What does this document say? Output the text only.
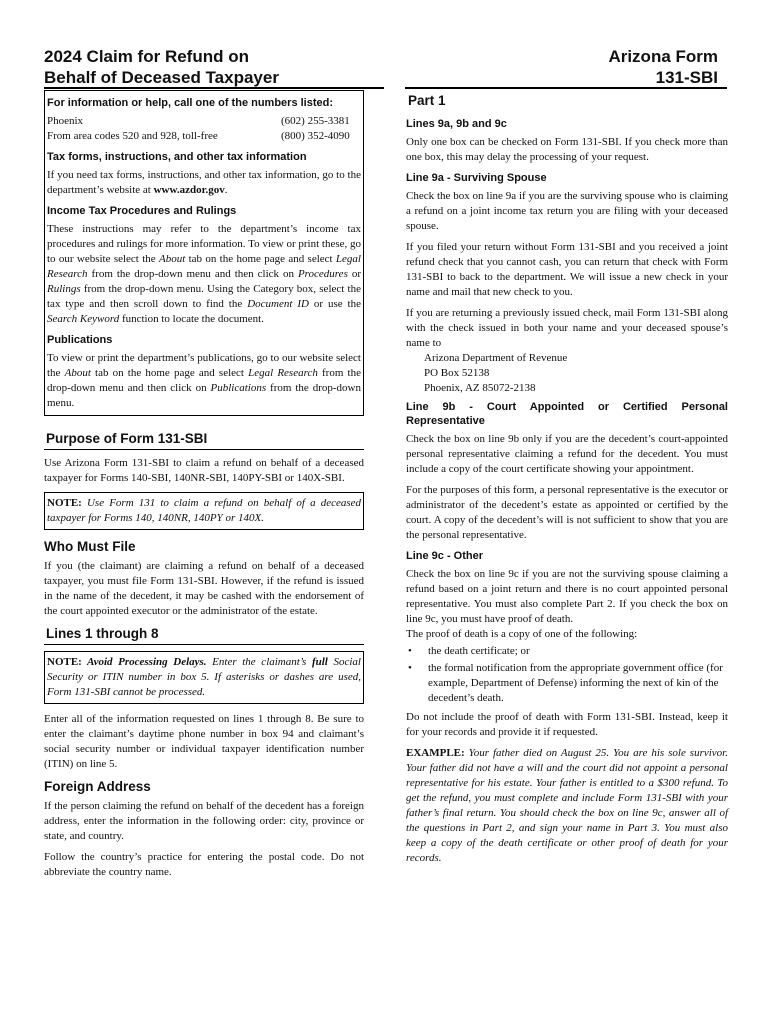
2024 Claim for Refund on
Behalf of Deceased Taxpayer
Arizona Form
131-SBI
For information or help, call one of the numbers listed:
Phoenix	(602) 255-3381
From area codes 520 and 928, toll-free	(800) 352-4090
Tax forms, instructions, and other tax information
If you need tax forms, instructions, and other tax information, go to the department’s website at www.azdor.gov.
Income Tax Procedures and Rulings
These instructions may refer to the department’s income tax procedures and rulings for more information. To view or print these, go to our website select the About tab on the home page and select Legal Research from the drop-down menu and then click on Procedures or Rulings from the drop-down menu. Using the Category box, select the tax type and then scroll down to find the Document ID or use the Search Keyword function to locate the document.
Publications
To view or print the department’s publications, go to our website select the About tab on the home page and select Legal Research from the drop-down menu and then click on Publications from the drop-down menu.
Purpose of Form 131-SBI
Use Arizona Form 131-SBI to claim a refund on behalf of a deceased taxpayer for Forms 140-SBI, 140NR-SBI, 140PY-SBI or 140X-SBI.
NOTE: Use Form 131 to claim a refund on behalf of a deceased taxpayer for Forms 140, 140NR, 140PY or 140X.
Who Must File
If you (the claimant) are claiming a refund on behalf of a deceased taxpayer, you must file Form 131-SBI. However, if the refund is issued in the name of the decedent, it may be cashed with the endorsement of the court appointed executor or the administrator of the estate.
Lines 1 through 8
NOTE: Avoid Processing Delays. Enter the claimant’s full Social Security or ITIN number in box 5. If asterisks or dashes are used, Form 131-SBI cannot be processed.
Enter all of the information requested on lines 1 through 8. Be sure to enter the claimant’s daytime phone number in box 94 and claimant’s social security number or individual taxpayer identification number (ITIN) on line 5.
Foreign Address
If the person claiming the refund on behalf of the decedent has a foreign address, enter the information in the following order: city, province or state, and country.
Follow the country’s practice for entering the postal code. Do not abbreviate the country name.
Part 1
Lines 9a, 9b and 9c
Only one box can be checked on Form 131-SBI. If you check more than one box, this may delay the processing of your request.
Line 9a - Surviving Spouse
Check the box on line 9a if you are the surviving spouse who is claiming a refund on a joint income tax return you are filing with your deceased spouse.
If you filed your return without Form 131-SBI and you received a joint refund check that you cannot cash, you can return that check with Form 131-SBI to back to the department. We will issue a new check in your name and mail that new check to you.
If you are returning a previously issued check, mail Form 131-SBI along with the check issued in both your name and your deceased spouse’s name to
Arizona Department of Revenue
PO Box 52138
Phoenix, AZ 85072-2138
Line 9b - Court Appointed or Certified Personal Representative
Check the box on line 9b only if you are the decedent’s court-appointed personal representative claiming a refund for the decedent. You must include a copy of the court certificate showing your appointment.
For the purposes of this form, a personal representative is the executor or administrator of the decedent’s estate as appointed or certified by the court. A copy of the decedent’s will is not sufficient to show that you are the personal representative.
Line 9c - Other
Check the box on line 9c if you are not the surviving spouse claiming a refund based on a joint return and there is no court appointed personal representative. You must also complete Part 2. If you check the box on line 9c, you must have proof of death.
The proof of death is a copy of one of the following:
• the death certificate; or
• the formal notification from the appropriate government office (for example, Department of Defense) informing the next of kin of the decedent’s death.
Do not include the proof of death with Form 131-SBI. Instead, keep it for your records and provide it if requested.
EXAMPLE: Your father died on August 25. You are his sole survivor. Your father did not have a will and the court did not appoint a personal representative for his estate. Your father is entitled to a $300 refund. To get the refund, you must complete and include Form 131-SBI with your father’s final return. You should check the box on line 9c, answer all of the questions in Part 2, and sign your name in Part 3. You must also keep a copy of the death certificate or other proof of death for your records.
